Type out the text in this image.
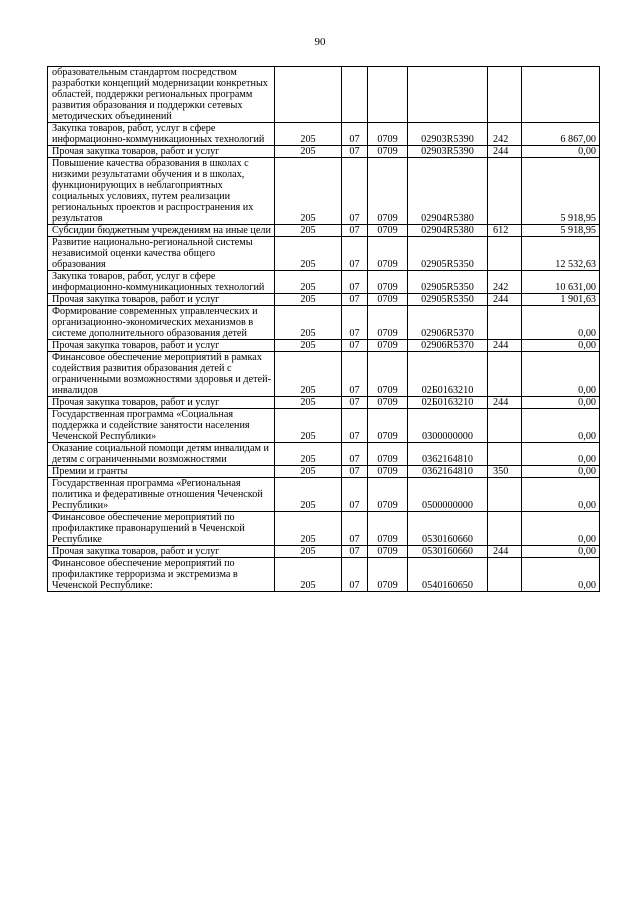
90
образовательным стандартом посредством разработки концепций модернизации конкретных областей, поддержки региональных программ развития образования и поддержки сетевых методических объединений						
Закупка товаров, работ, услуг в сфере информационно-коммуникационных технологий	205	07	0709	02903R5390	242	6 867,00
Прочая закупка товаров, работ и услуг	205	07	0709	02903R5390	244	0,00
Повышение качества образования в школах с низкими результатами обучения и в школах, функционирующих в неблагоприятных социальных условиях, путем реализации региональных проектов и распространения их результатов	205	07	0709	02904R5380		5 918,95
Субсидии бюджетным учреждениям на иные цели	205	07	0709	02904R5380	612	5 918,95
Развитие национально-региональной системы независимой оценки качества общего образования	205	07	0709	02905R5350		12 532,63
Закупка товаров, работ, услуг в сфере информационно-коммуникационных технологий	205	07	0709	02905R5350	242	10 631,00
Прочая закупка товаров, работ и услуг	205	07	0709	02905R5350	244	1 901,63
Формирование современных управленческих и организационно-экономических механизмов в системе дополнительного образования детей	205	07	0709	02906R5370		0,00
Прочая закупка товаров, работ и услуг	205	07	0709	02906R5370	244	0,00
Финансовое обеспечение мероприятий в рамках содействия развития образования детей с ограниченными возможностями здоровья и детей-инвалидов	205	07	0709	02Б0163210		0,00
Прочая закупка товаров, работ и услуг	205	07	0709	02Б0163210	244	0,00
Государственная программа «Социальная поддержка и содействие занятости населения Чеченской Республики»	205	07	0709	0300000000		0,00
Оказание социальной помощи детям инвалидам и детям с ограниченными возможностями	205	07	0709	0362164810		0,00
Премии и гранты	205	07	0709	0362164810	350	0,00
Государственная программа «Региональная политика и федеративные отношения Чеченской Республики»	205	07	0709	0500000000		0,00
Финансовое обеспечение мероприятий по профилактике правонарушений в Чеченской Республике	205	07	0709	0530160660		0,00
Прочая закупка товаров, работ и услуг	205	07	0709	0530160660	244	0,00
Финансовое обеспечение мероприятий по профилактике терроризма и экстремизма в Чеченской Республике:	205	07	0709	0540160650		0,00
